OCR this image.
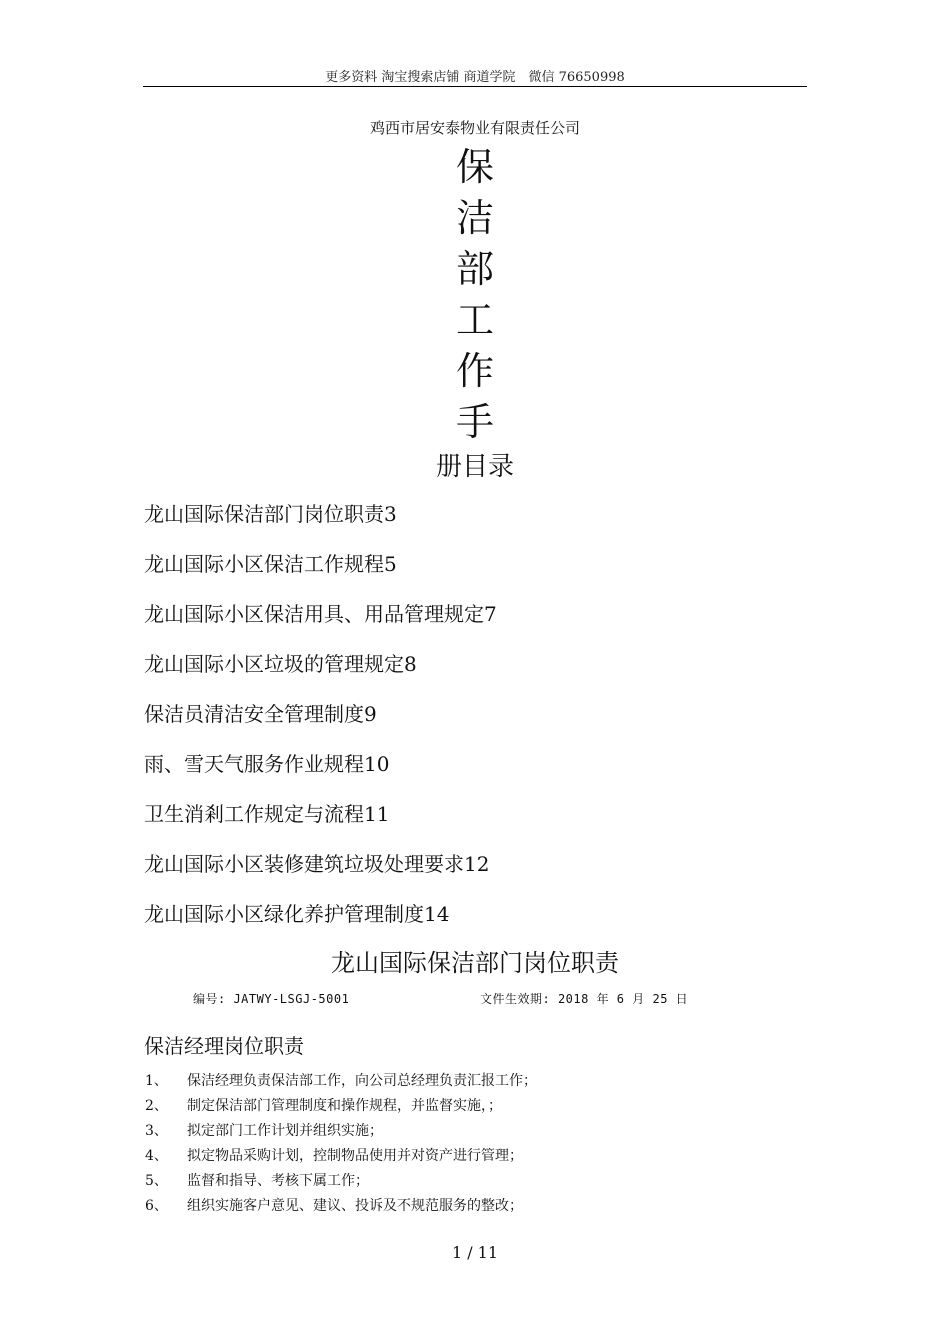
更多资料 淘宝搜索店铺 商道学院　微信 76650998
鸡西市居安泰物业有限责任公司
保
洁
部
工
作
手
册目录
龙山国际保洁部门岗位职责3
龙山国际小区保洁工作规程5
龙山国际小区保洁用具、用品管理规定7
龙山国际小区垃圾的管理规定8
保洁员清洁安全管理制度9
雨、雪天气服务作业规程10
卫生消剎工作规定与流程11
龙山国际小区装修建筑垃圾处理要求12
龙山国际小区绿化养护管理制度14
龙山国际保洁部门岗位职责
编号: JATWY-LSGJ-5001	文件生效期: 2018 年 6 月 25 日
保洁经理岗位职责
1、 保洁经理负责保洁部工作，向公司总经理负责汇报工作；
2、 制定保洁部门管理制度和操作规程，并监督实施，；
3、 拟定部门工作计划并组织实施；
4、 拟定物品采购计划，控制物品使用并对资产进行管理；
5、 监督和指导、考核下属工作；
6、 组织实施客户意见、建议、投诉及不规范服务的整改；
1 / 11
